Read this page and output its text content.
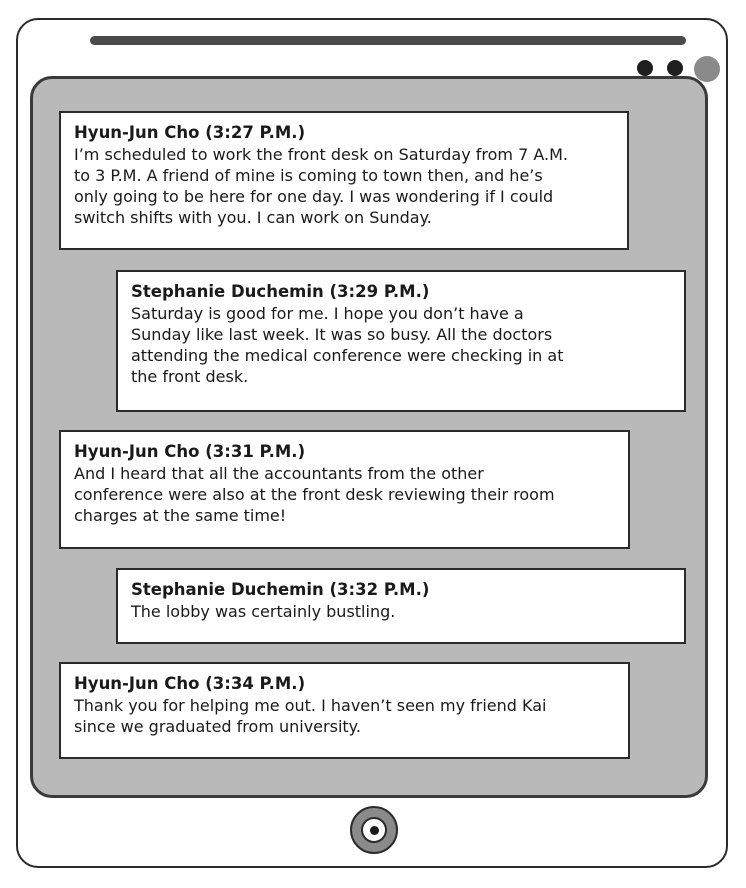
Hyun-Jun Cho (3:27 P.M.)
I’m scheduled to work the front desk on Saturday from 7 A.M.
to 3 P.M. A friend of mine is coming to town then, and he’s
only going to be here for one day. I was wondering if I could
switch shifts with you. I can work on Sunday.
Stephanie Duchemin (3:29 P.M.)
Saturday is good for me. I hope you don’t have a
Sunday like last week. It was so busy. All the doctors
attending the medical conference were checking in at
the front desk.
Hyun-Jun Cho (3:31 P.M.)
And I heard that all the accountants from the other
conference were also at the front desk reviewing their room
charges at the same time!
Stephanie Duchemin (3:32 P.M.)
The lobby was certainly bustling.
Hyun-Jun Cho (3:34 P.M.)
Thank you for helping me out. I haven’t seen my friend Kai
since we graduated from university.
